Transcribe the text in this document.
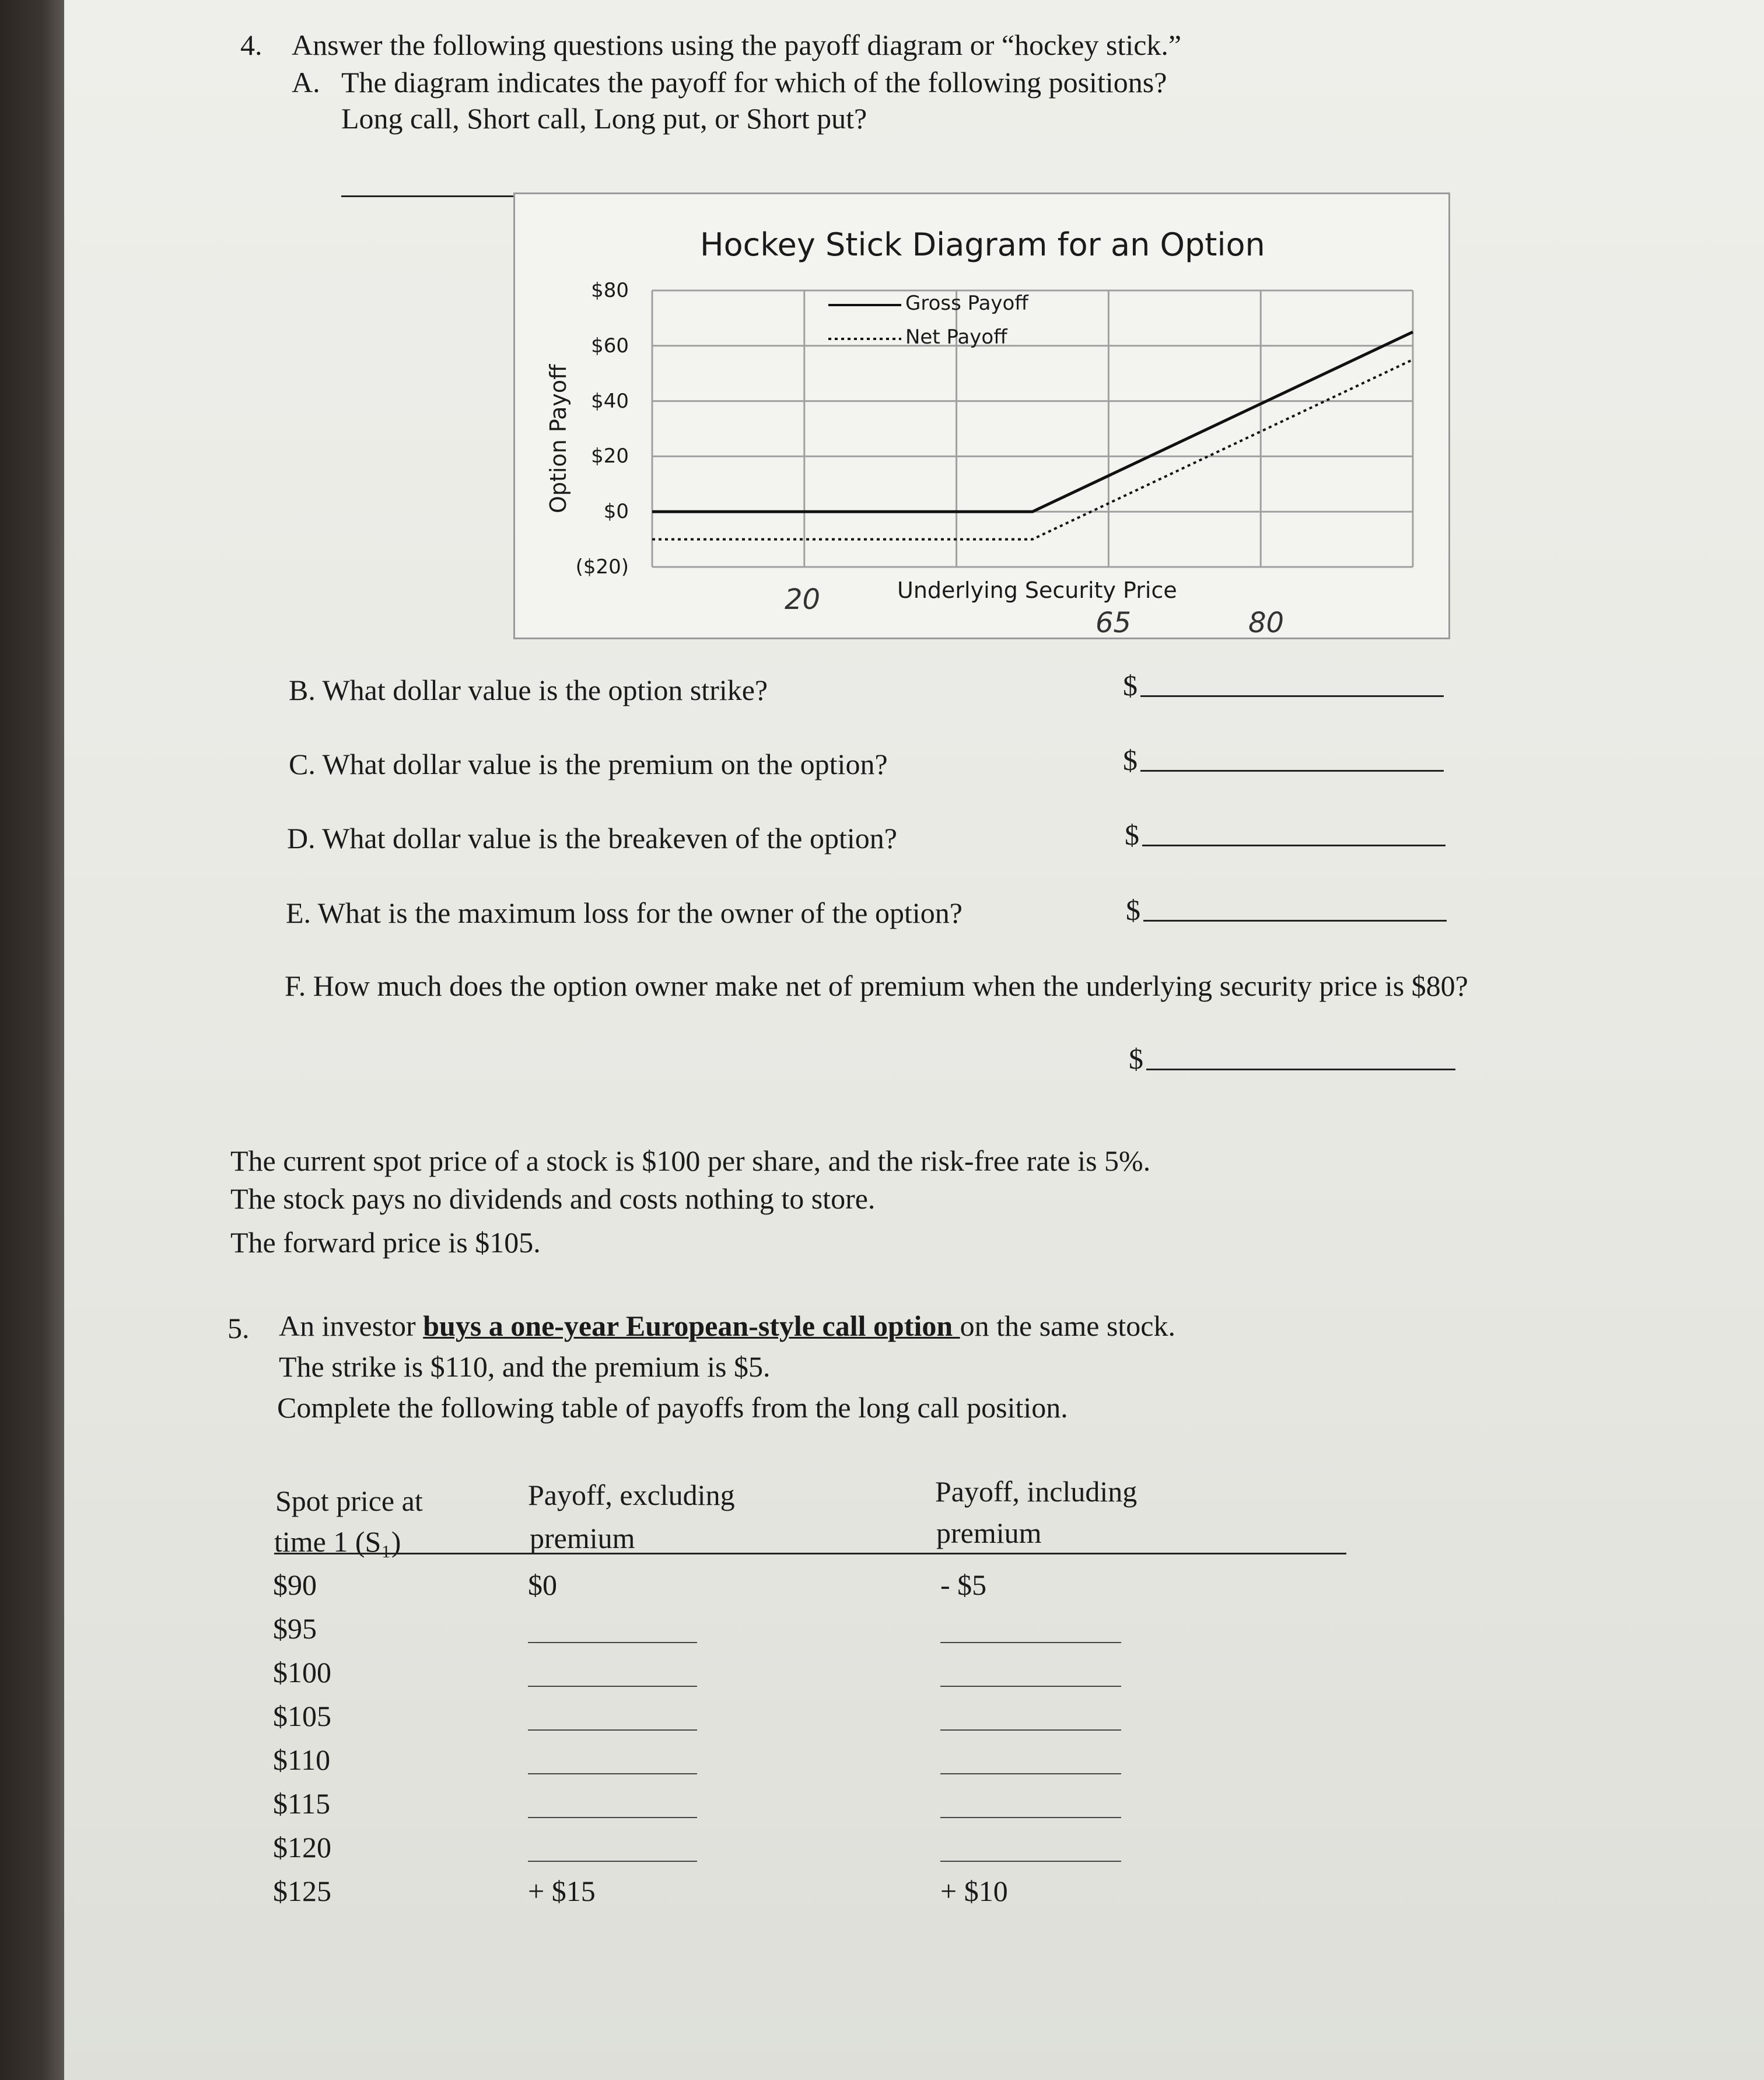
4. Answer the following questions using the payoff diagram or “hockey stick.”
A. The diagram indicates the payoff for which of the following positions?
Long call, Short call, Long put, or Short put?
Hockey Stick Diagram for an Option
Option Payoff
$80
$60
$40
$20
$0
($20)
Gross Payoff
Net Payoff
Underlying Security Price
20
65	80
B. What dollar value is the option strike?	$
C. What dollar value is the premium on the option?	$
D. What dollar value is the breakeven of the option?	$
E. What is the maximum loss for the owner of the option?	$
F. How much does the option owner make net of premium when the underlying security price is $80?
$
The current spot price of a stock is $100 per share, and the risk-free rate is 5%.
The stock pays no dividends and costs nothing to store.
The forward price is $105.
5. An investor buys a one-year European-style call option on the same stock.
The strike is $110, and the premium is $5.
Complete the following table of payoffs from the long call position.
Spot price at
time 1 (S₁)
Payoff, excluding
premium
Payoff, including
premium
$90	$0	- $5
$95
$100
$105
$110
$115
$120
$125	+ $15	+ $10
